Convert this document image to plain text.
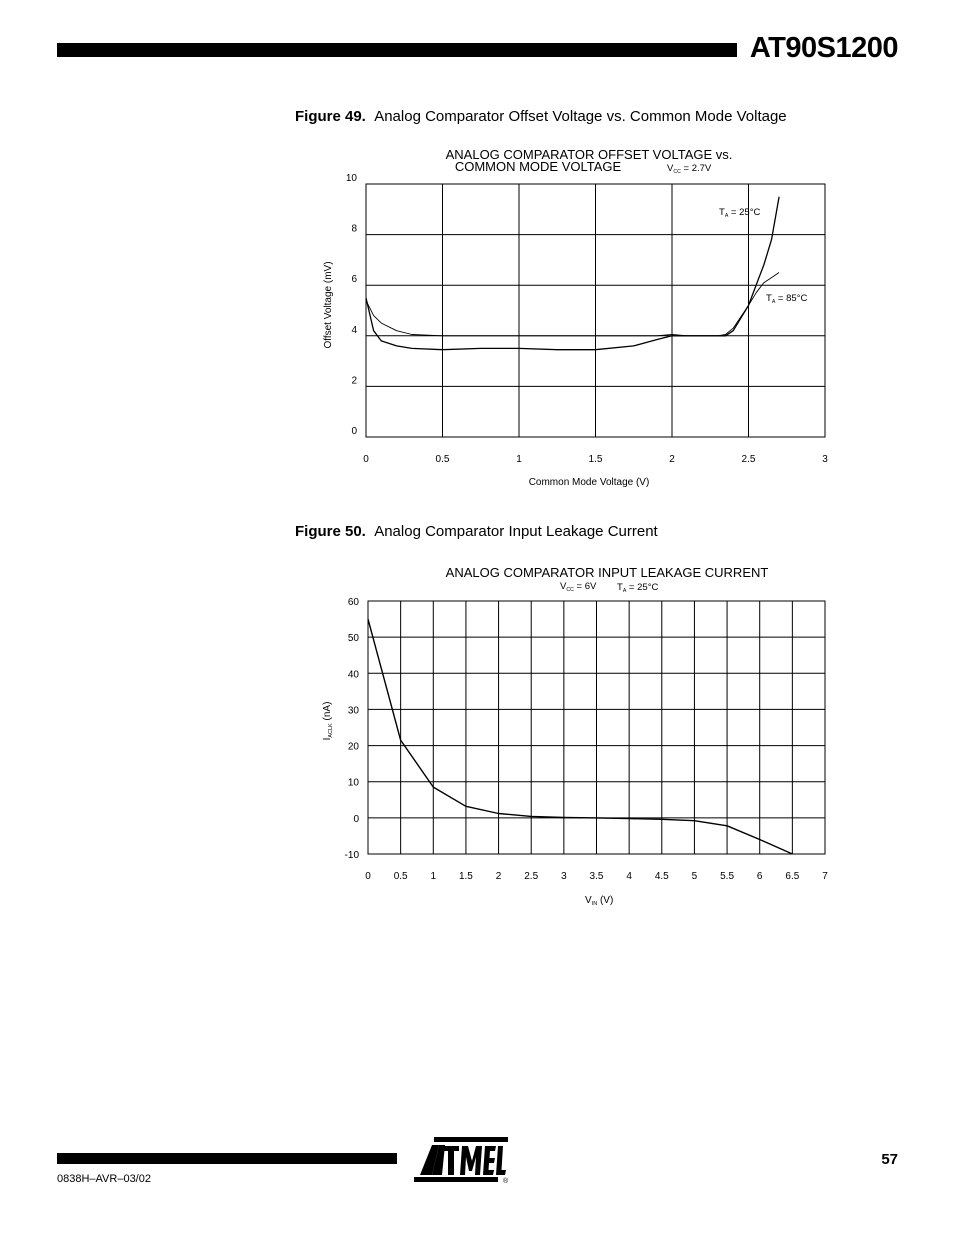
AT90S1200
Figure 49. Analog Comparator Offset Voltage vs. Common Mode Voltage
Figure 50. Analog Comparator Input Leakage Current
0	0.5	1	1.5	2	2.5	3
0
2
4
6
8
10
ANALOG COMPARATOR OFFSET VOLTAGE vs.
COMMON MODE VOLTAGE	$V_{CC} = 2.7V$
$T_A = 25^\circ C$
$T_A = 85^\circ C$
Common Mode Voltage (V)
Offset Voltage (mV)
0 0.5 1 1.5 2 2.5 3 3.5 4 4.5 5 5.5 6 6.5 7
-10
0
10
20
30
40
50
60
ANALOG COMPARATOR INPUT LEAKAGE CURRENT
$V_{CC} = 6V$ $T_A = 25^\circ C$
$V_{IN}$ (V)
$I_{ACLK}$ (nA)
0838H–AVR–03/02
57
®
